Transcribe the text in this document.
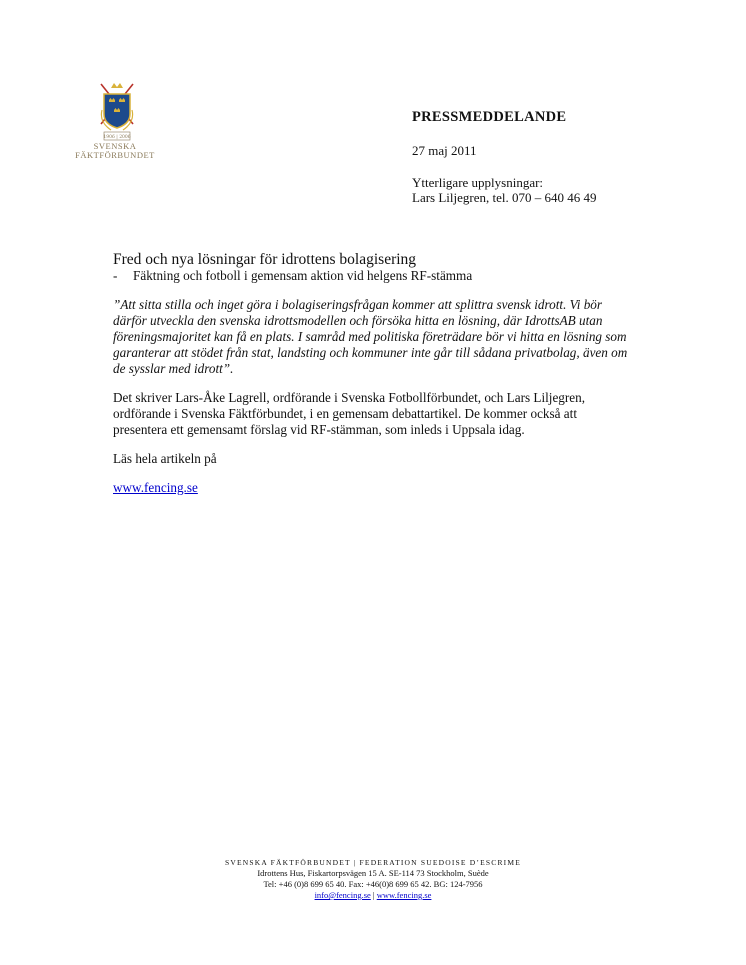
1906 | 2006
SVENSKA
FÄKTFÖRBUNDET
PRESSMEDDELANDE
27 maj 2011
Ytterligare upplysningar:
Lars Liljegren, tel. 070 – 640 46 49
Fred och nya lösningar för idrottens bolagisering
-	Fäktning och fotboll i gemensam aktion vid helgens RF-stämma

”Att sitta stilla och inget göra i bolagiseringsfrågan kommer att splittra svensk idrott. Vi bör därför utveckla den svenska idrottsmodellen och försöka hitta en lösning, där IdrottsAB utan föreningsmajoritet kan få en plats. I samråd med politiska företrädare bör vi hitta en lösning som garanterar att stödet från stat, landsting och kommuner inte går till sådana privatbolag, även om de sysslar med idrott”.

Det skriver Lars-Åke Lagrell, ordförande i Svenska Fotbollförbundet, och Lars Liljegren, ordförande i Svenska Fäktförbundet, i en gemensam debattartikel. De kommer också att presentera ett gemensamt förslag vid RF-stämman, som inleds i Uppsala idag.

Läs hela artikeln på

www.fencing.se

SVENSKA FÄKTFÖRBUNDET | FEDERATION SUEDOISE D’ESCRIME
Idrottens Hus, Fiskartorpsvägen 15 A. SE-114 73 Stockholm, Suède
Tel: +46 (0)8 699 65 40. Fax: +46(0)8 699 65 42. BG: 124-7956
info@fencing.se | www.fencing.se
